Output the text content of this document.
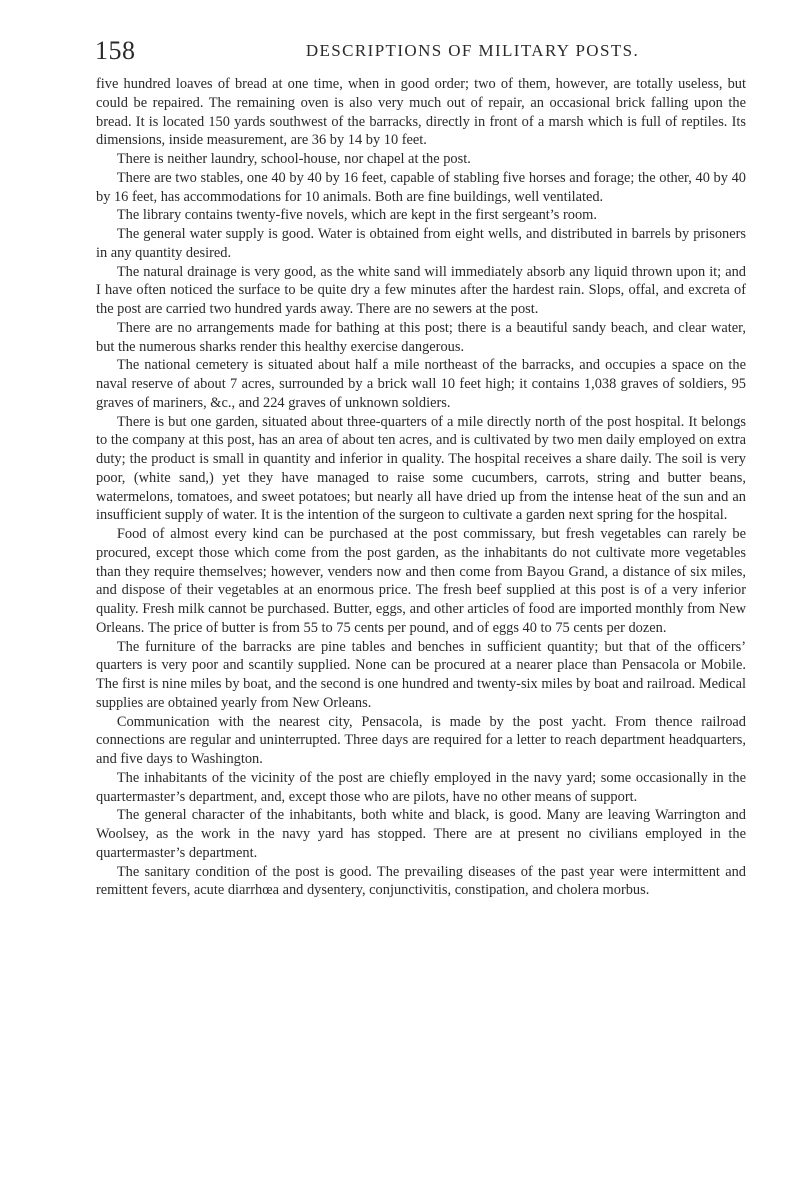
158	DESCRIPTIONS OF MILITARY POSTS.

five hundred loaves of bread at one time, when in good order; two of them, however, are totally useless, but could be repaired. The remaining oven is also very much out of repair, an occasional brick falling upon the bread. It is located 150 yards southwest of the barracks, directly in front of a marsh which is full of reptiles. Its dimensions, inside measurement, are 36 by 14 by 10 feet.

There is neither laundry, school-house, nor chapel at the post.

There are two stables, one 40 by 40 by 16 feet, capable of stabling five horses and forage; the other, 40 by 40 by 16 feet, has accommodations for 10 animals. Both are fine buildings, well ventilated.

The library contains twenty-five novels, which are kept in the first sergeant’s room.

The general water supply is good. Water is obtained from eight wells, and distributed in barrels by prisoners in any quantity desired.

The natural drainage is very good, as the white sand will immediately absorb any liquid thrown upon it; and I have often noticed the surface to be quite dry a few minutes after the hardest rain. Slops, offal, and excreta of the post are carried two hundred yards away. There are no sewers at the post.

There are no arrangements made for bathing at this post; there is a beautiful sandy beach, and clear water, but the numerous sharks render this healthy exercise dangerous.

The national cemetery is situated about half a mile northeast of the barracks, and occupies a space on the naval reserve of about 7 acres, surrounded by a brick wall 10 feet high; it contains 1,038 graves of soldiers, 95 graves of mariners, &c., and 224 graves of unknown soldiers.

There is but one garden, situated about three-quarters of a mile directly north of the post hospital. It belongs to the company at this post, has an area of about ten acres, and is cultivated by two men daily employed on extra duty; the product is small in quantity and inferior in quality. The hospital receives a share daily. The soil is very poor, (white sand,) yet they have managed to raise some cucumbers, carrots, string and butter beans, watermelons, tomatoes, and sweet potatoes; but nearly all have dried up from the intense heat of the sun and an insufficient supply of water. It is the intention of the surgeon to cultivate a garden next spring for the hospital.

Food of almost every kind can be purchased at the post commissary, but fresh vegetables can rarely be procured, except those which come from the post garden, as the inhabitants do not cultivate more vegetables than they require themselves; however, venders now and then come from Bayou Grand, a distance of six miles, and dispose of their vegetables at an enormous price. The fresh beef supplied at this post is of a very inferior quality. Fresh milk cannot be purchased. Butter, eggs, and other articles of food are imported monthly from New Orleans. The price of butter is from 55 to 75 cents per pound, and of eggs 40 to 75 cents per dozen.

The furniture of the barracks are pine tables and benches in sufficient quantity; but that of the officers’ quarters is very poor and scantily supplied. None can be procured at a nearer place than Pensacola or Mobile. The first is nine miles by boat, and the second is one hundred and twenty-six miles by boat and railroad. Medical supplies are obtained yearly from New Orleans.

Communication with the nearest city, Pensacola, is made by the post yacht. From thence railroad connections are regular and uninterrupted. Three days are required for a letter to reach department headquarters, and five days to Washington.

The inhabitants of the vicinity of the post are chiefly employed in the navy yard; some occasionally in the quartermaster’s department, and, except those who are pilots, have no other means of support.

The general character of the inhabitants, both white and black, is good. Many are leaving Warrington and Woolsey, as the work in the navy yard has stopped. There are at present no civilians employed in the quartermaster’s department.

The sanitary condition of the post is good. The prevailing diseases of the past year were intermittent and remittent fevers, acute diarrhœa and dysentery, conjunctivitis, constipation, and cholera morbus.
